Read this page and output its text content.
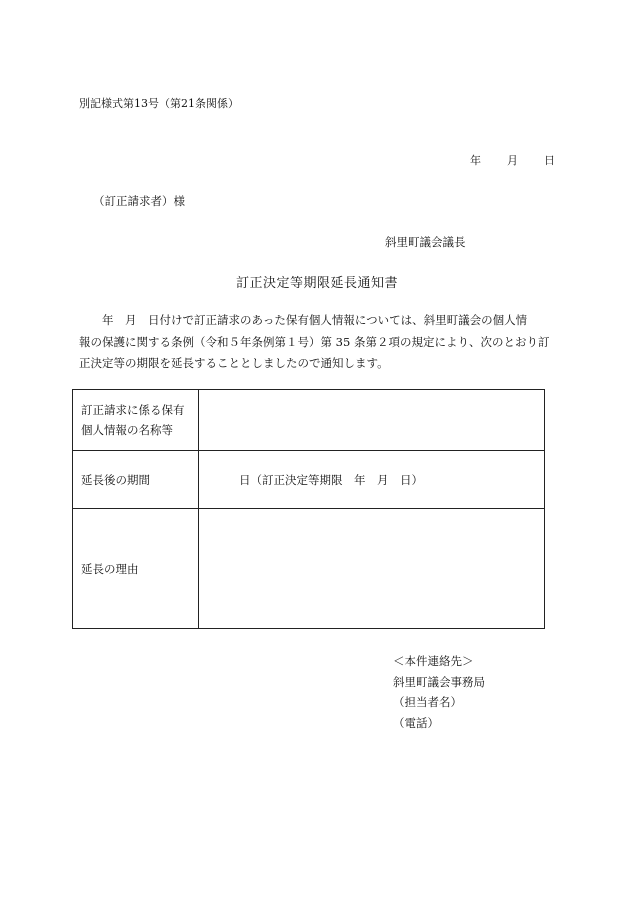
別記様式第13号（第21条関係）
年 月 日
（訂正請求者）様
斜里町議会議長
訂正決定等期限延長通知書
　　年　月　日付けで訂正請求のあった保有個人情報については、斜里町議会の個人情
報の保護に関する条例（令和５年条例第１号）第 35 条第２項の規定により、次のとおり訂
正決定等の期限を延長することとしましたので通知します。
訂正請求に係る保有
個人情報の名称等	

延長後の期間	日（訂正決定等期限　年　月　日）
延長の理由	
＜本件連絡先＞
斜里町議会事務局
（担当者名）
（電話）
